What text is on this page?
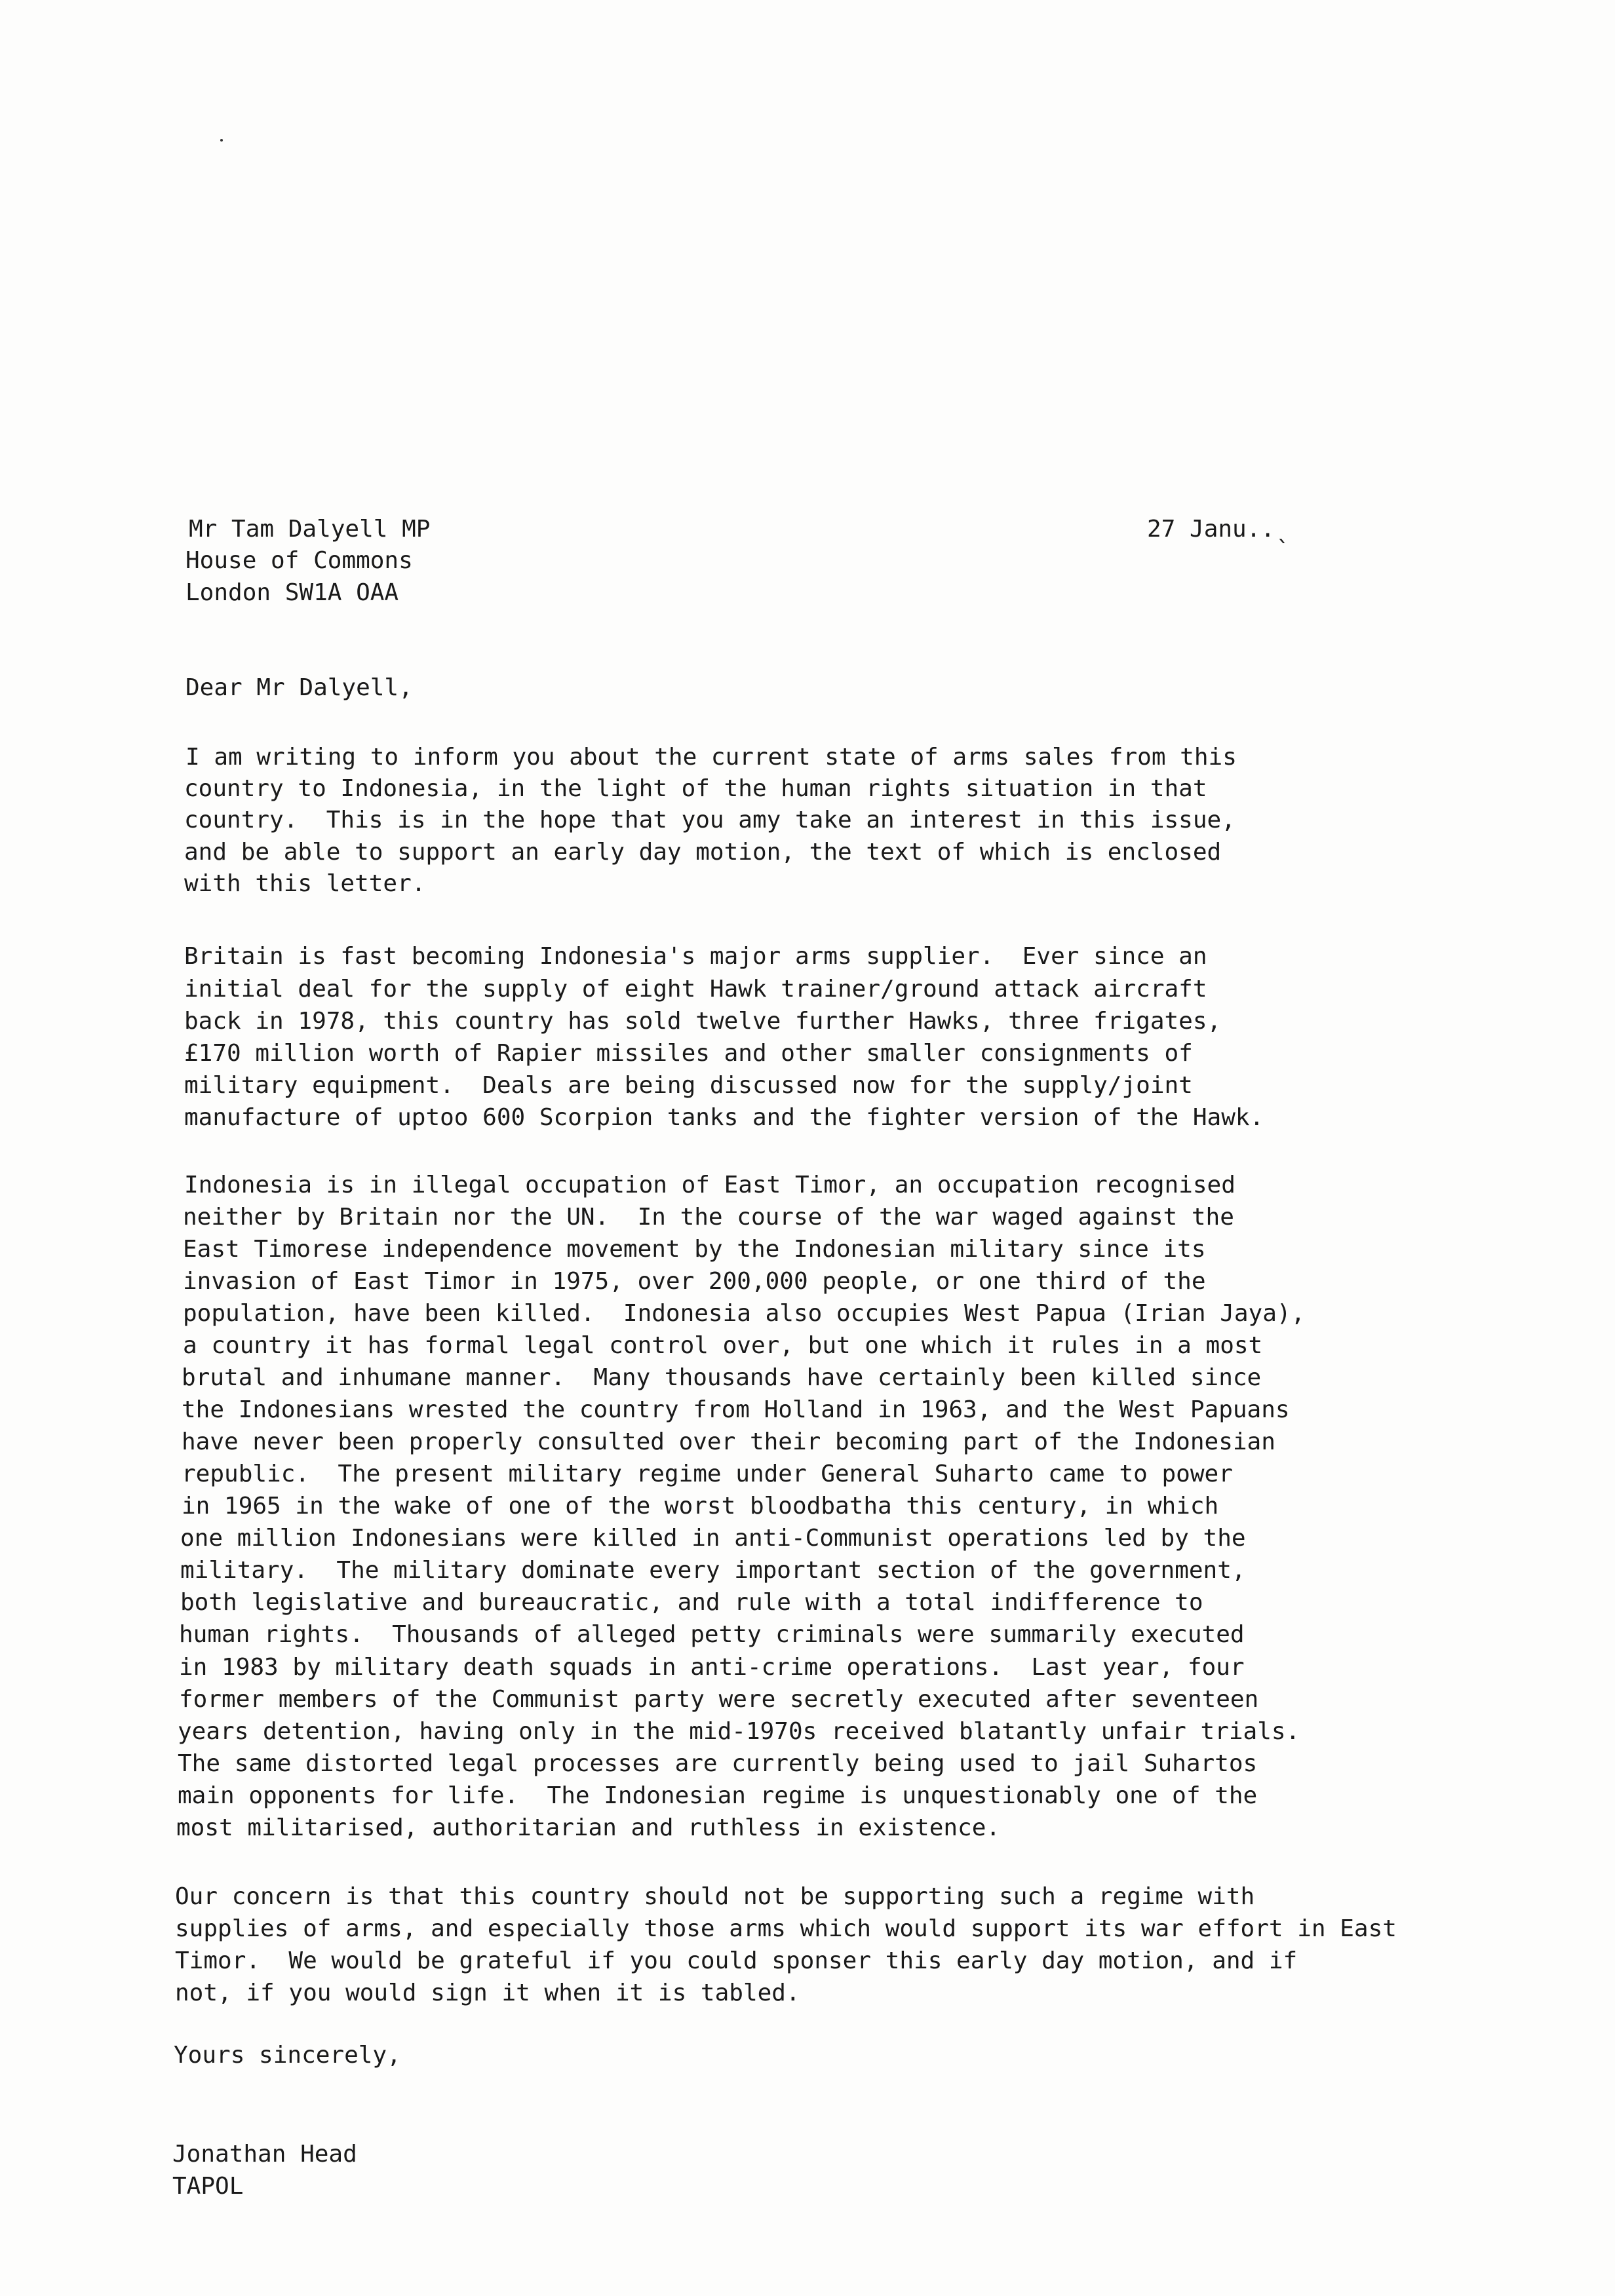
Mr Tam Dalyell MP
House of Commons
London SW1A OAA
27 Janu..ˎ
Dear Mr Dalyell,
I am writing to inform you about the current state of arms sales from this
country to Indonesia, in the light of the human rights situation in that
country.  This is in the hope that you amy take an interest in this issue,
and be able to support an early day motion, the text of which is enclosed
with this letter.
Britain is fast becoming Indonesia's major arms supplier.  Ever since an
initial deal for the supply of eight Hawk trainer/ground attack aircraft
back in 1978, this country has sold twelve further Hawks, three frigates,
£170 million worth of Rapier missiles and other smaller consignments of
military equipment.  Deals are being discussed now for the supply/joint
manufacture of uptoo 600 Scorpion tanks and the fighter version of the Hawk.
Indonesia is in illegal occupation of East Timor, an occupation recognised
neither by Britain nor the UN.  In the course of the war waged against the
East Timorese independence movement by the Indonesian military since its
invasion of East Timor in 1975, over 200,000 people, or one third of the
population, have been killed.  Indonesia also occupies West Papua (Irian Jaya),
a country it has formal legal control over, but one which it rules in a most
brutal and inhumane manner.  Many thousands have certainly been killed since
the Indonesians wrested the country from Holland in 1963, and the West Papuans
have never been properly consulted over their becoming part of the Indonesian
republic.  The present military regime under General Suharto came to power
in 1965 in the wake of one of the worst bloodbatha this century, in which
one million Indonesians were killed in anti-Communist operations led by the
military.  The military dominate every important section of the government,
both legislative and bureaucratic, and rule with a total indifference to
human rights.  Thousands of alleged petty criminals were summarily executed
in 1983 by military death squads in anti-crime operations.  Last year, four
former members of the Communist party were secretly executed after seventeen
years detention, having only in the mid-1970s received blatantly unfair trials.
The same distorted legal processes are currently being used to jail Suhartos
main opponents for life.  The Indonesian regime is unquestionably one of the
most militarised, authoritarian and ruthless in existence.
Our concern is that this country should not be supporting such a regime with
supplies of arms, and especially those arms which would support its war effort in East
Timor.  We would be grateful if you could sponser this early day motion, and if
not, if you would sign it when it is tabled.
Yours sincerely,
Jonathan Head
TAPOL
